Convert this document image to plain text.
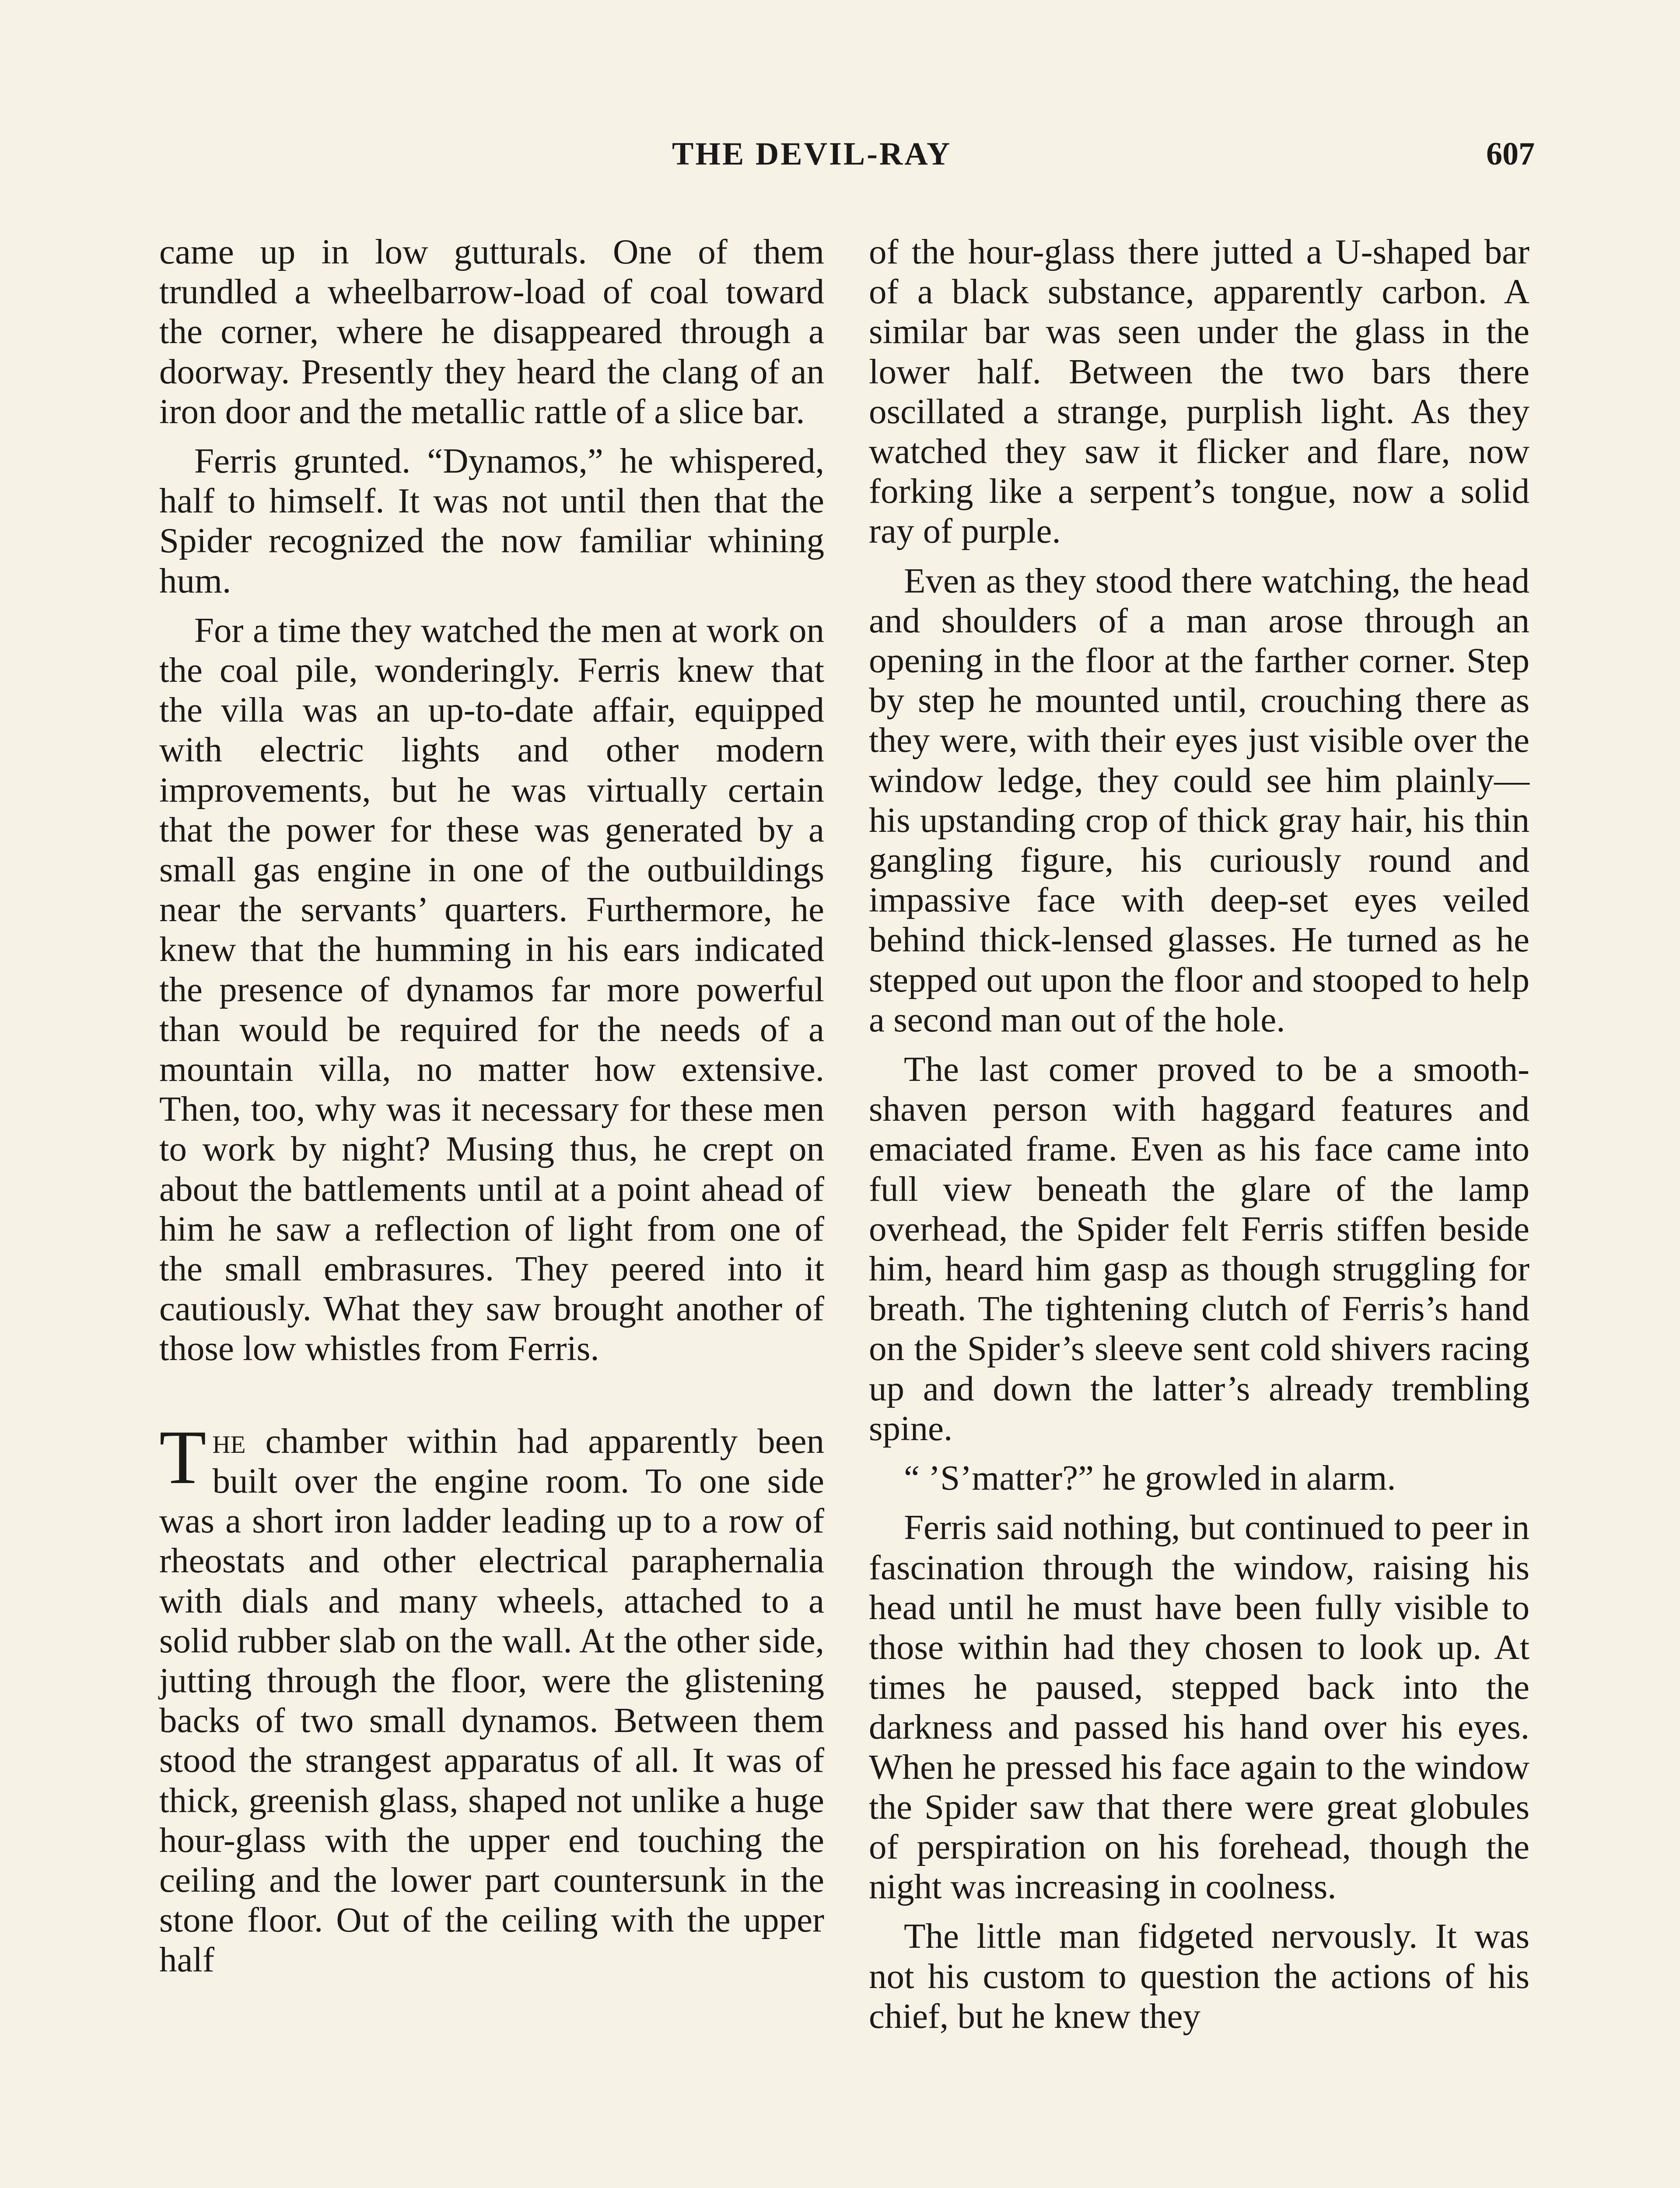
THE DEVIL-RAY	607

came up in low gutturals. One of them trundled a wheelbarrow-load of coal toward the corner, where he disappeared through a doorway. Presently they heard the clang of an iron door and the metallic rattle of a slice bar.

Ferris grunted. “Dynamos,” he whispered, half to himself. It was not until then that the Spider recognized the now familiar whining hum.

For a time they watched the men at work on the coal pile, wonderingly. Ferris knew that the villa was an up-to-date affair, equipped with electric lights and other modern improvements, but he was virtually certain that the power for these was generated by a small gas engine in one of the outbuildings near the servants’ quarters. Furthermore, he knew that the humming in his ears indicated the presence of dynamos far more powerful than would be required for the needs of a mountain villa, no matter how extensive. Then, too, why was it necessary for these men to work by night? Musing thus, he crept on about the battlements until at a point ahead of him he saw a reflection of light from one of the small embrasures. They peered into it cautiously. What they saw brought another of those low whistles from Ferris.

The chamber within had apparently been built over the engine room. To one side was a short iron ladder leading up to a row of rheostats and other electrical paraphernalia with dials and many wheels, attached to a solid rubber slab on the wall. At the other side, jutting through the floor, were the glistening backs of two small dynamos. Between them stood the strangest apparatus of all. It was of thick, greenish glass, shaped not unlike a huge hour-glass with the upper end touching the ceiling and the lower part countersunk in the stone floor. Out of the ceiling with the upper half

of the hour-glass there jutted a U-shaped bar of a black substance, apparently carbon. A similar bar was seen under the glass in the lower half. Between the two bars there oscillated a strange, purplish light. As they watched they saw it flicker and flare, now forking like a serpent’s tongue, now a solid ray of purple.

Even as they stood there watching, the head and shoulders of a man arose through an opening in the floor at the farther corner. Step by step he mounted until, crouching there as they were, with their eyes just visible over the window ledge, they could see him plainly—his upstanding crop of thick gray hair, his thin gangling figure, his curiously round and impassive face with deep-set eyes veiled behind thick-lensed glasses. He turned as he stepped out upon the floor and stooped to help a second man out of the hole.

The last comer proved to be a smooth-shaven person with haggard features and emaciated frame. Even as his face came into full view beneath the glare of the lamp overhead, the Spider felt Ferris stiffen beside him, heard him gasp as though struggling for breath. The tightening clutch of Ferris’s hand on the Spider’s sleeve sent cold shivers racing up and down the latter’s already trembling spine.

“ ’S’matter?” he growled in alarm.

Ferris said nothing, but continued to peer in fascination through the window, raising his head until he must have been fully visible to those within had they chosen to look up. At times he paused, stepped back into the darkness and passed his hand over his eyes. When he pressed his face again to the window the Spider saw that there were great globules of perspiration on his forehead, though the night was increasing in coolness.

The little man fidgeted nervously. It was not his custom to question the actions of his chief, but he knew they
